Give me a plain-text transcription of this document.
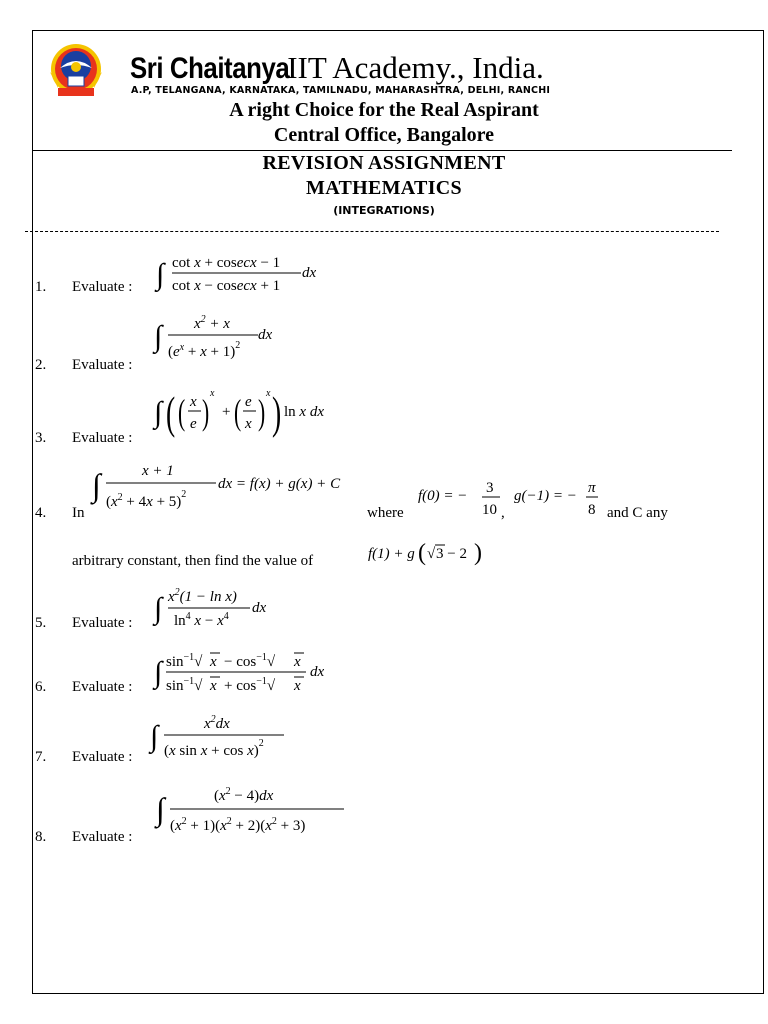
Sri Chaitanya IIT Academy., India.
A.P, TELANGANA, KARNATAKA, TAMILNADU, MAHARASHTRA, DELHI, RANCHI
A right Choice for the Real Aspirant
Central Office, Bangalore
REVISION ASSIGNMENT
MATHEMATICS
(INTEGRATIONS)
1. Evaluate : ∫ cot x + cosecx − 1
cot x − cosecx + 1
dx
2. Evaluate :
∫ $x^2 + x$
$(e^x + x + 1)^2$
dx
3. Evaluate :
∫ ( ( x
e )
x
+ ( e
x )
x ) ln x dx
4. In
∫	x + 1
$(x^2 + 4x + 5)^2$
dx = f(x) + g(x) + C
where
f(0) = − 3
10
g(−1) = − π
8
,	and C any
arbitrary constant, then find the value of	f(1) + g ( √ 3 − 2 )
5. Evaluate : ∫ $x^2(1 - \ln x)$
$\ln^4 x - x^4$
dx
6. Evaluate : ∫ $\sin^{-1}√$ $x - \cos^{-1}√$ x
$\sin^{-1}√$ $x + \cos^{-1}√$ x
dx
7. Evaluate :
∫	$x^2dx$
(x sin x + cos x)$^2$
8. Evaluate :
∫	$(x^2 - 4)dx$
$(x^2 + 1)(x^2 + 2)(x^2 + 3)$
